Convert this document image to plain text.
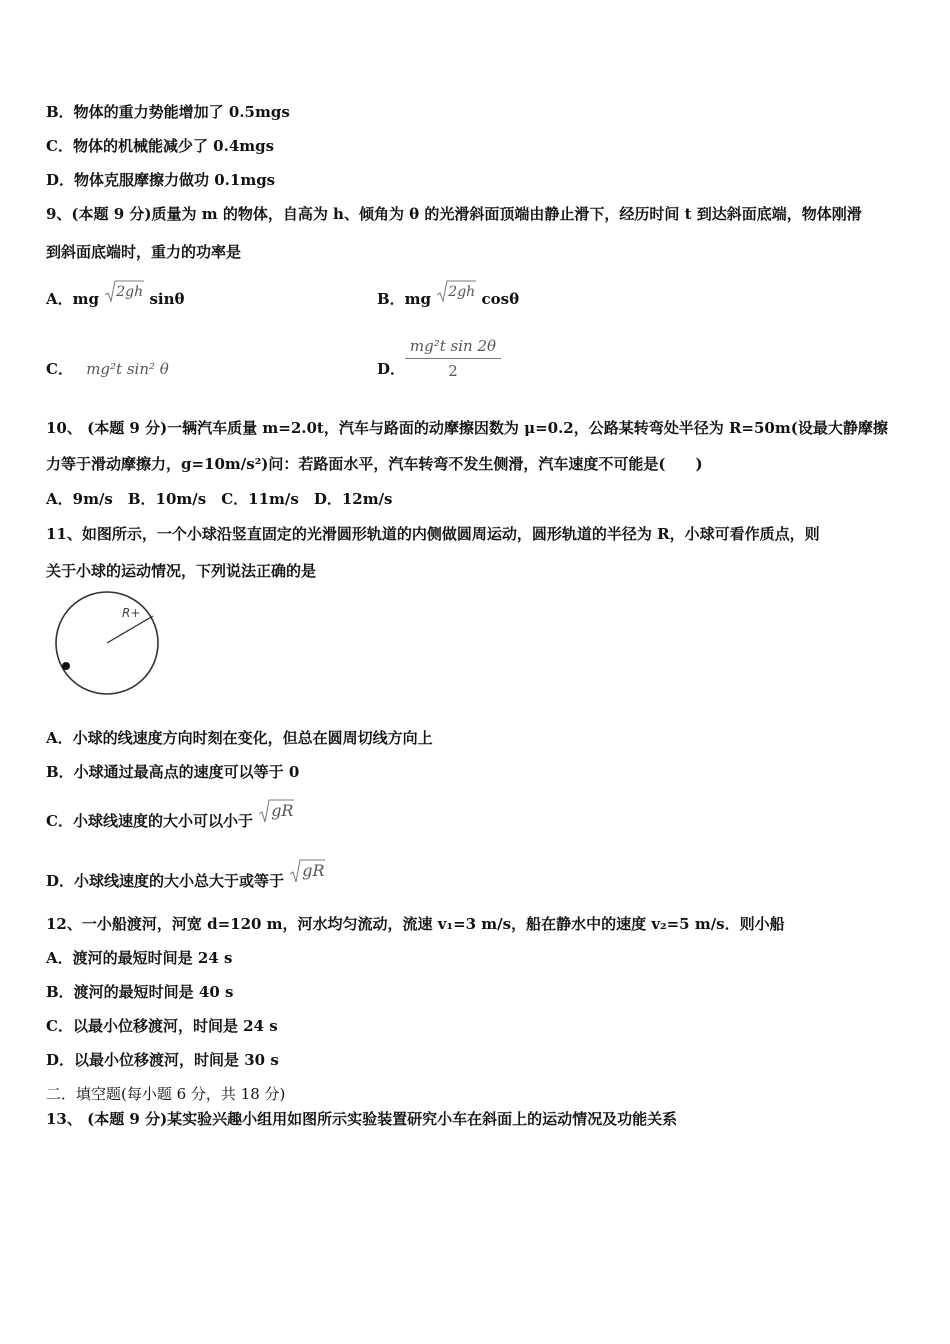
B．物体的重力势能增加了 0.5mgs
C．物体的机械能减少了 0.4mgs
D．物体克服摩擦力做功 0.1mgs
9、(本题 9 分)质量为 m 的物体，自高为 h、倾角为 θ 的光滑斜面顶端由静止滑下，经历时间 t 到达斜面底端，物体刚滑
到斜面底端时，重力的功率是
A．mg 2gh sinθ	B．mg 2gh cosθ
C． mg²t sin² θ	D．
mg²t sin 2θ
2
10、 (本题 9 分)一辆汽车质量 m=2.0t，汽车与路面的动摩擦因数为 μ=0.2，公路某转弯处半径为 R=50m(设最大静摩擦
力等于滑动摩擦力，g=10m/s²)问：若路面水平，汽车转弯不发生侧滑，汽车速度不可能是(　　)
A．9m/s　B．10m/s　C．11m/s　D．12m/s
11、如图所示，一个小球沿竖直固定的光滑圆形轨道的内侧做圆周运动，圆形轨道的半径为 R，小球可看作质点，则
关于小球的运动情况，下列说法正确的是
R+
A．小球的线速度方向时刻在变化，但总在圆周切线方向上
B．小球通过最高点的速度可以等于 0
C．小球线速度的大小可以小于
gR
D．小球线速度的大小总大于或等于
gR
12、一小船渡河，河宽 d=120 m，河水均匀流动，流速 v₁=3 m/s，船在静水中的速度 v₂=5 m/s．则小船
A．渡河的最短时间是 24 s
B．渡河的最短时间是 40 s
C．以最小位移渡河，时间是 24 s
D．以最小位移渡河，时间是 30 s
二．填空题(每小题 6 分，共 18 分)
13、 (本题 9 分)某实验兴趣小组用如图所示实验装置研究小车在斜面上的运动情况及功能关系
